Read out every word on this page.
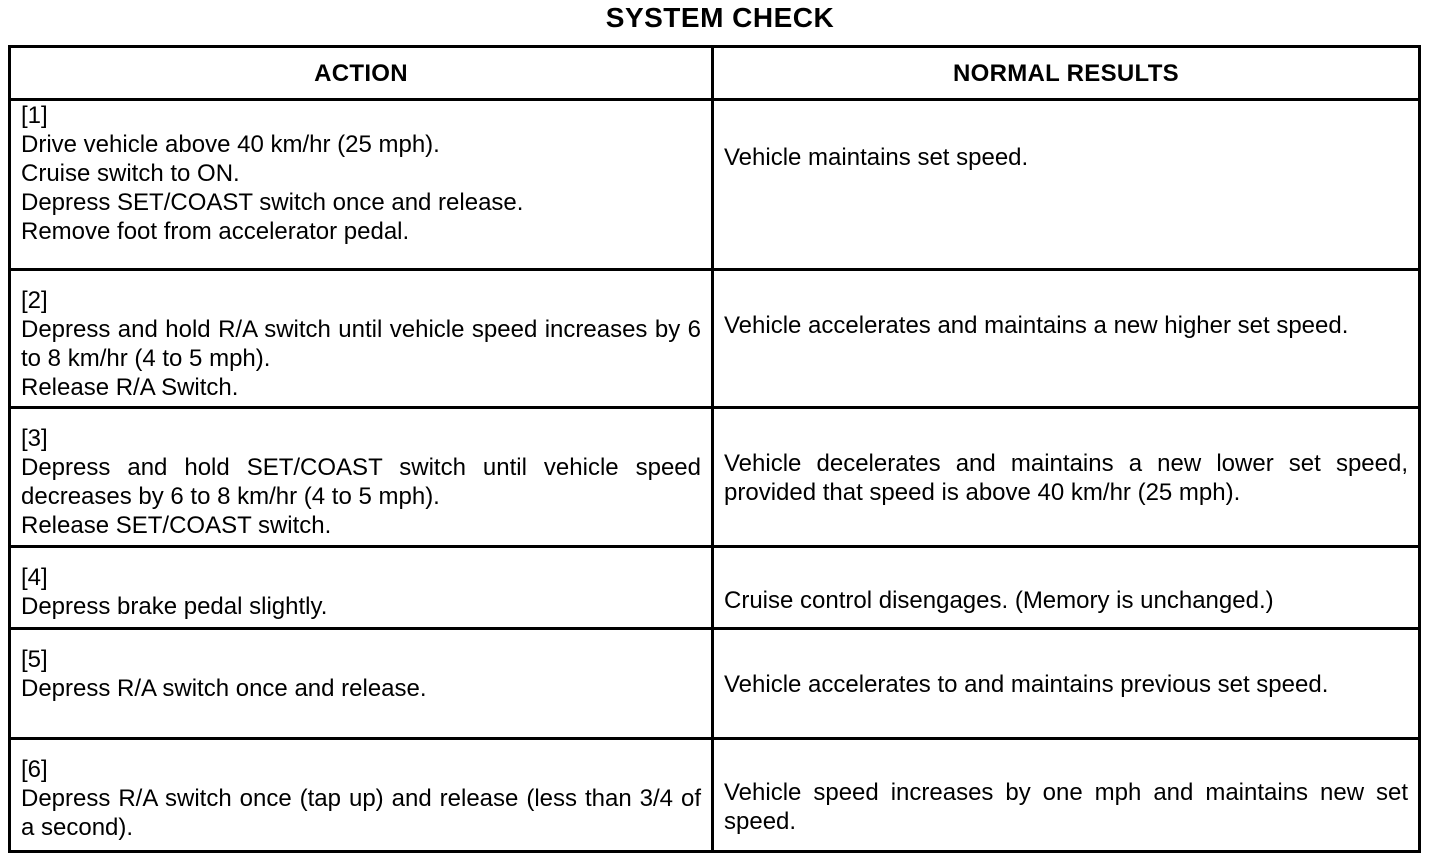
SYSTEM CHECK
ACTION	NORMAL RESULTS

[1]
Drive vehicle above 40 km/hr (25 mph).
Cruise switch to ON.
Depress SET/COAST switch once and release.
Remove foot from accelerator pedal.	Vehicle maintains set speed.

[2]
Depress and hold R/A switch until vehicle speed increases by 6 to 8 km/hr (4 to 5 mph).
Release R/A Switch.	Vehicle accelerates and maintains a new higher set speed.

[3]
Depress and hold SET/COAST switch until vehicle speed decreases by 6 to 8 km/hr (4 to 5 mph).
Release SET/COAST switch.	Vehicle decelerates and maintains a new lower set speed, provided that speed is above 40 km/hr (25 mph).

[4]
Depress brake pedal slightly.	Cruise control disengages. (Memory is unchanged.)

[5]
Depress R/A switch once and release.	Vehicle accelerates to and maintains previous set speed.

[6]
Depress R/A switch once (tap up) and release (less than 3/4 of a second).	Vehicle speed increases by one mph and maintains new set speed.
